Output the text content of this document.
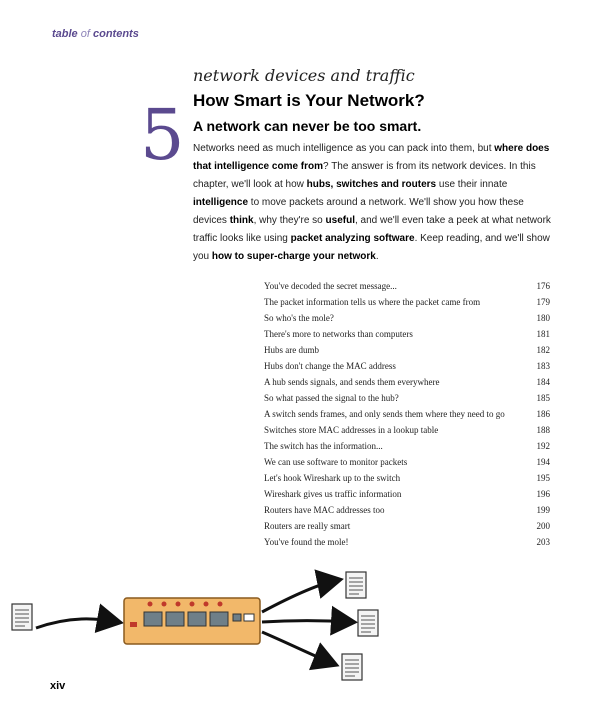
table of contents
5
network devices and traffic
How Smart is Your Network?
A network can never be too smart.
Networks need as much intelligence as you can pack into them, but where does that intelligence come from? The answer is from its network devices. In this chapter, we'll look at how hubs, switches and routers use their innate intelligence to move packets around a network. We'll show you how these devices think, why they're so useful, and we'll even take a peek at what network traffic looks like using packet analyzing software. Keep reading, and we'll show you how to super-charge your network.
You've decoded the secret message...	176
The packet information tells us where the packet came from	179
So who's the mole?	180
There's more to networks than computers	181
Hubs are dumb	182
Hubs don't change the MAC address	183
A hub sends signals, and sends them everywhere	184
So what passed the signal to the hub?	185
A switch sends frames, and only sends them where they need to go	186
Switches store MAC addresses in a lookup table	188
The switch has the information...	192
We can use software to monitor packets	194
Let's hook Wireshark up to the switch	195
Wireshark gives us traffic information	196
Routers have MAC addresses too	199
Routers are really smart	200
You've found the mole!	203
xiv
